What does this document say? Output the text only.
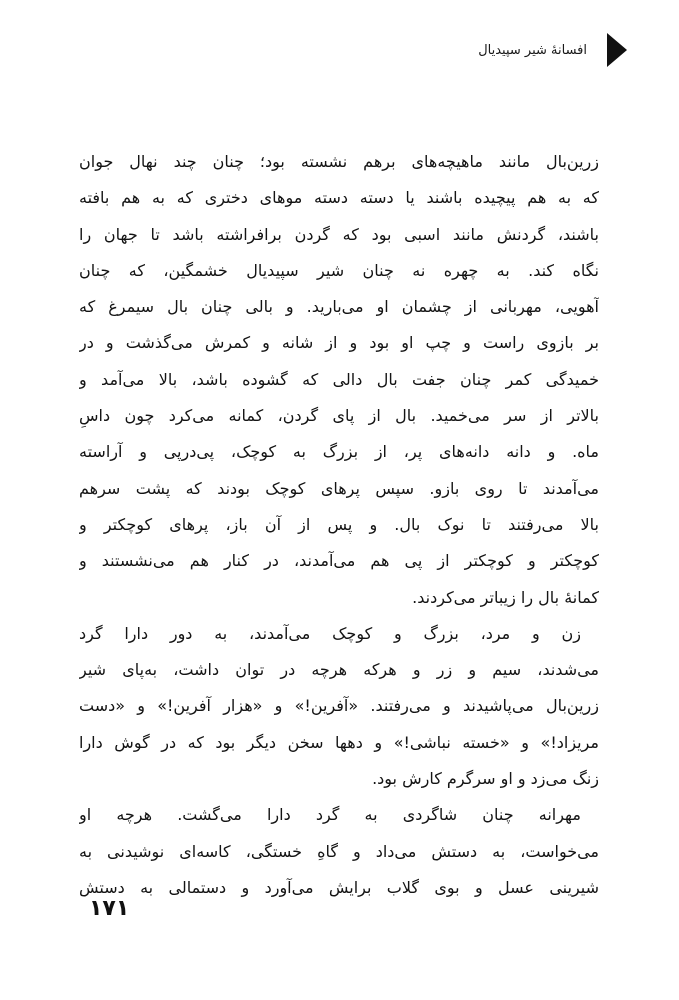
افسانهٔ شیر سپیدیال
زرین‌بال مانند ماهیچه‌های برهم نشسته بود؛ چنان چند نهال جوان
که به هم پیچیده باشند یا دسته دسته موهای دختری که به هم بافته
باشند، گردنش مانند اسبی بود که گردن برافراشته باشد تا جهان را
نگاه کند. به چهره نه چنان شیر سپیدیال خشمگین، که چنان
آهویی، مهربانی از چشمان او می‌بارید. و بالی چنان بال سیمرغ که
بر بازوی راست و چپ او بود و از شانه و کمرش می‌گذشت و در
خمیدگی کمر چنان جفت بال دالی که گشوده باشد، بالا می‌آمد و
بالاتر از سر می‌خمید. بال از پای گردن، کمانه می‌کرد چون داسِ
ماه. و دانه دانه‌های پر، از بزرگ به کوچک، پی‌درپی و آراسته
می‌آمدند تا روی بازو. سپس پرهای کوچک بودند که پشت سرهم
بالا می‌رفتند تا نوک بال. و پس از آن باز، پرهای کوچکتر و
کوچکتر و کوچکتر از پی هم می‌آمدند، در کنار هم می‌نشستند و
کمانهٔ بال را زیباتر می‌کردند.
زن و مرد، بزرگ و کوچک می‌آمدند، به دور دارا گرد
می‌شدند، سیم و زر و هرکه هرچه در توان داشت، به‌پای شیر
زرین‌بال می‌پاشیدند و می‌رفتند. «آفرین!» و «هزار آفرین!» و «دست
مریزاد!» و «خسته نباشی!» و دهها سخن دیگر بود که در گوش دارا
زنگ می‌زد و او سرگرم کارش بود.
مهرانه چنان شاگردی به گرد دارا می‌گشت. هرچه او
می‌خواست، به دستش می‌داد و گاهِ خستگی، کاسه‌ای نوشیدنی به
شیرینی عسل و بوی گلاب برایش می‌آورد و دستمالی به دستش
۱۷۱
